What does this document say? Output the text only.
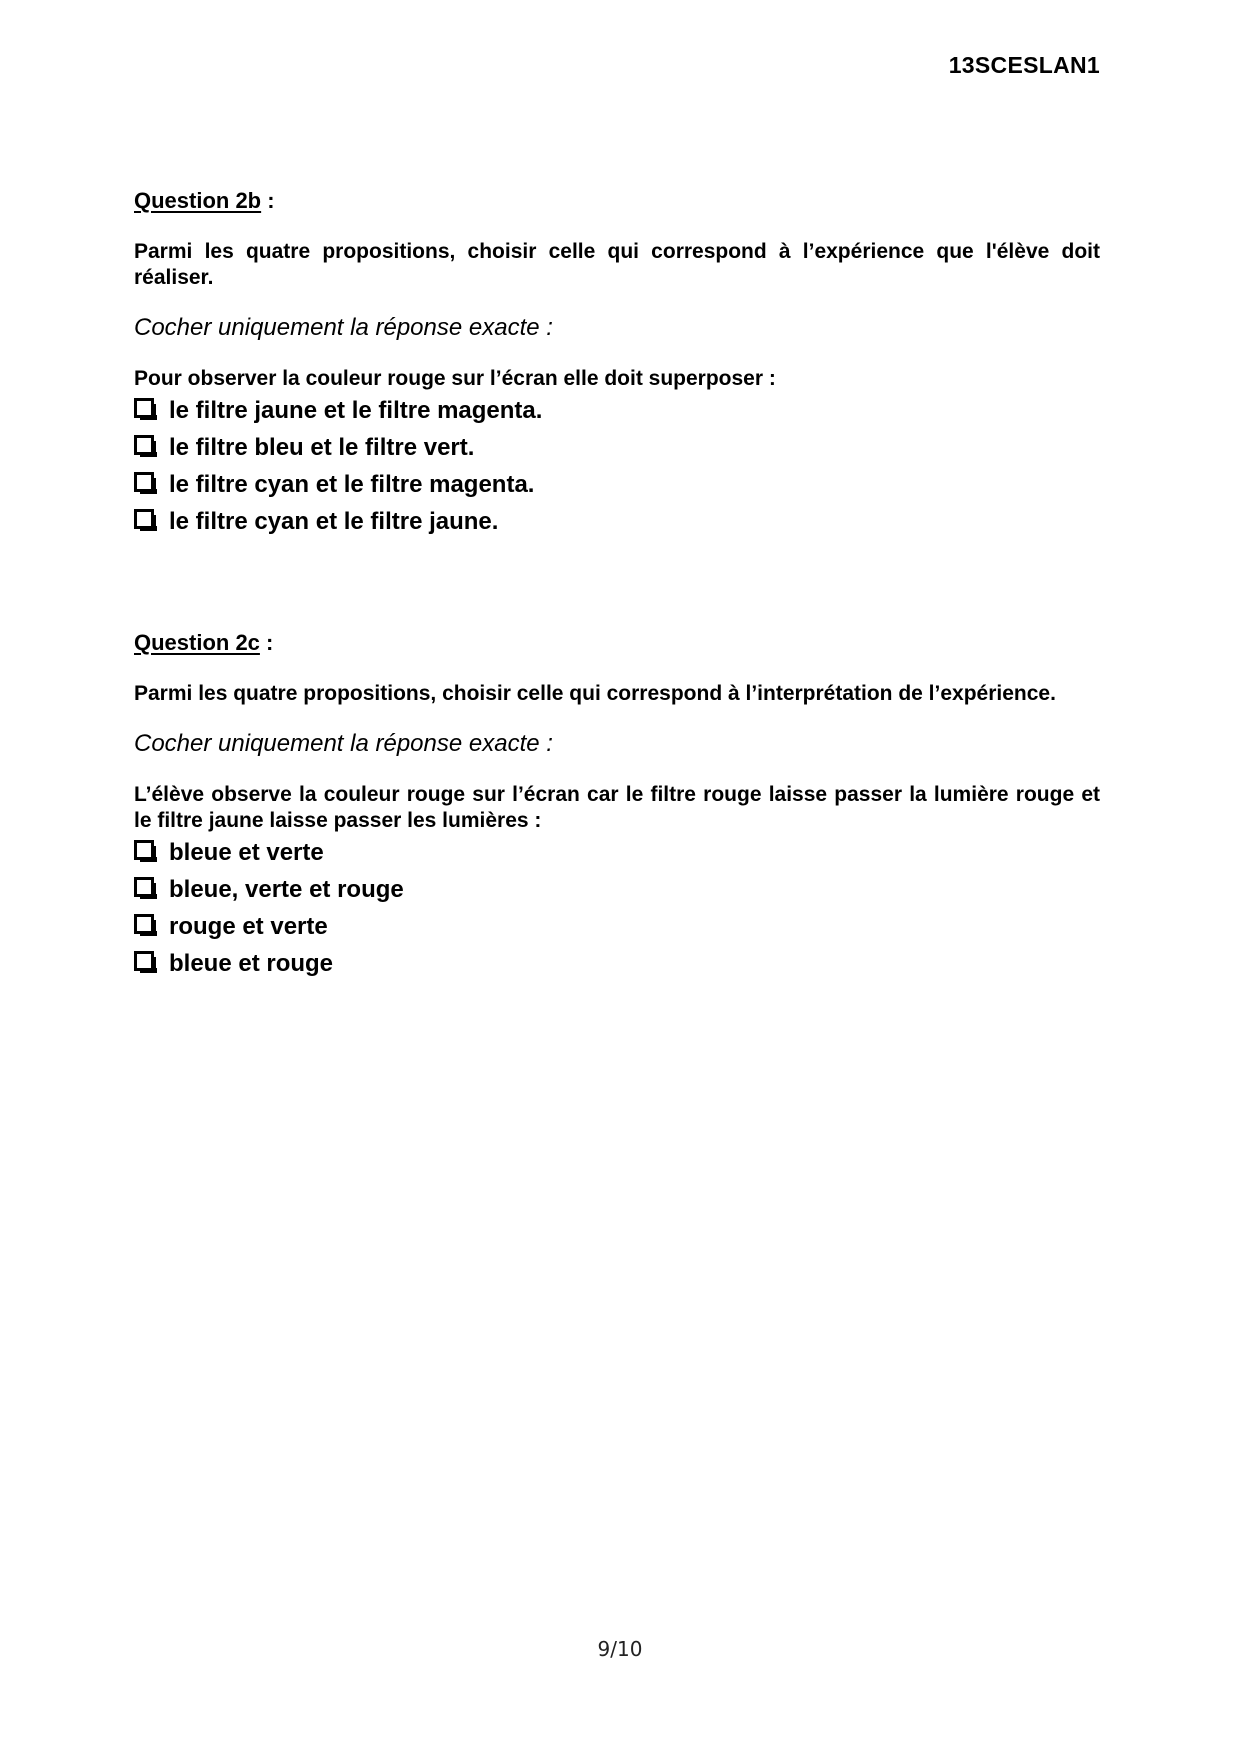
13SCESLAN1

Question 2b :

Parmi les quatre propositions, choisir celle qui correspond à l’expérience que l'élève doit réaliser.

Cocher uniquement la réponse exacte :

Pour observer la couleur rouge sur l’écran elle doit superposer :

le filtre jaune et le filtre magenta.
le filtre bleu et le filtre vert.
le filtre cyan et le filtre magenta.
le filtre cyan et le filtre jaune.

Question 2c :

Parmi les quatre propositions, choisir celle qui correspond à l’interprétation de l’expérience.

Cocher uniquement la réponse exacte :

L’élève observe la couleur rouge sur l’écran car le filtre rouge laisse passer la lumière rouge et le filtre jaune laisse passer les lumières :

bleue et verte
bleue, verte et rouge
rouge et verte
bleue et rouge
9/10
